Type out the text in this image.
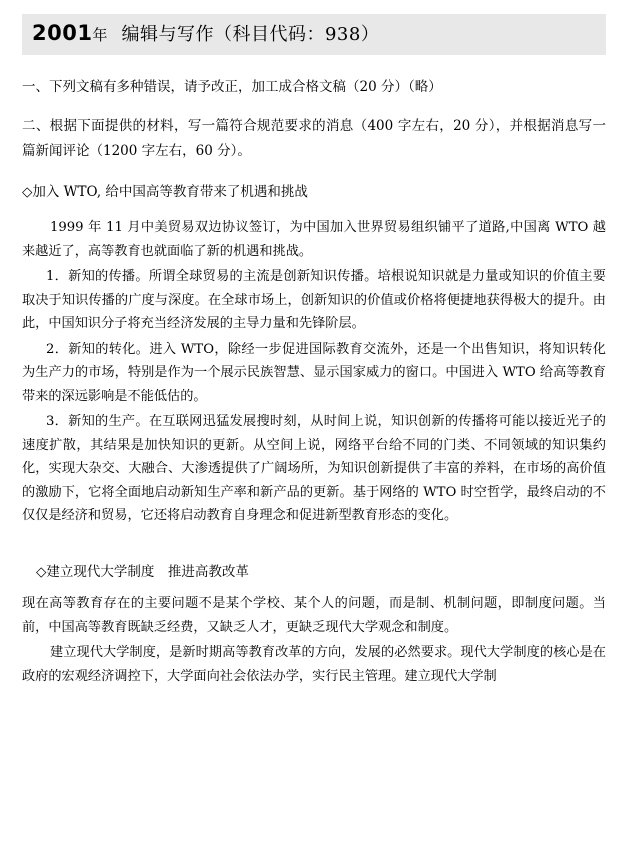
2001年 编辑与写作（科目代码：938）

一、下列文稿有多种错误，请予改正，加工成合格文稿（20 分）（略）

二、根据下面提供的材料，写一篇符合规范要求的消息（400 字左右，20 分），并根据消息写一篇新闻评论（1200 字左右，60 分）。

◇加入 WTO, 给中国高等教育带来了机遇和挑战

1999 年 11 月中美贸易双边协议签订，为中国加入世界贸易组织铺平了道路,中国离 WTO 越来越近了，高等教育也就面临了新的机遇和挑战。

1．新知的传播。所谓全球贸易的主流是创新知识传播。培根说知识就是力量或知识的价值主要取决于知识传播的广度与深度。在全球市场上，创新知识的价值或价格将便捷地获得极大的提升。由此，中国知识分子将充当经济发展的主导力量和先锋阶层。

2．新知的转化。进入 WTO，除经一步促进国际教育交流外，还是一个出售知识，将知识转化为生产力的市场，特别是作为一个展示民族智慧、显示国家威力的窗口。中国进入 WTO 给高等教育带来的深远影响是不能低估的。

3．新知的生产。在互联网迅猛发展搜时刻，从时间上说，知识创新的传播将可能以接近光子的速度扩散，其结果是加快知识的更新。从空间上说，网络平台给不同的门类、不同领域的知识集约化，实现大杂交、大融合、大渗透提供了广阔场所，为知识创新提供了丰富的养料，在市场的高价值的激励下，它将全面地启动新知生产率和新产品的更新。基于网络的 WTO 时空哲学，最终启动的不仅仅是经济和贸易，它还将启动教育自身理念和促进新型教育形态的变化。

◇建立现代大学制度　推进高教改革

现在高等教育存在的主要问题不是某个学校、某个人的问题，而是制、机制问题，即制度问题。当前，中国高等教育既缺乏经费，又缺乏人才，更缺乏现代大学观念和制度。

建立现代大学制度，是新时期高等教育改革的方向，发展的必然要求。现代大学制度的核心是在政府的宏观经济调控下，大学面向社会依法办学，实行民主管理。建立现代大学制
